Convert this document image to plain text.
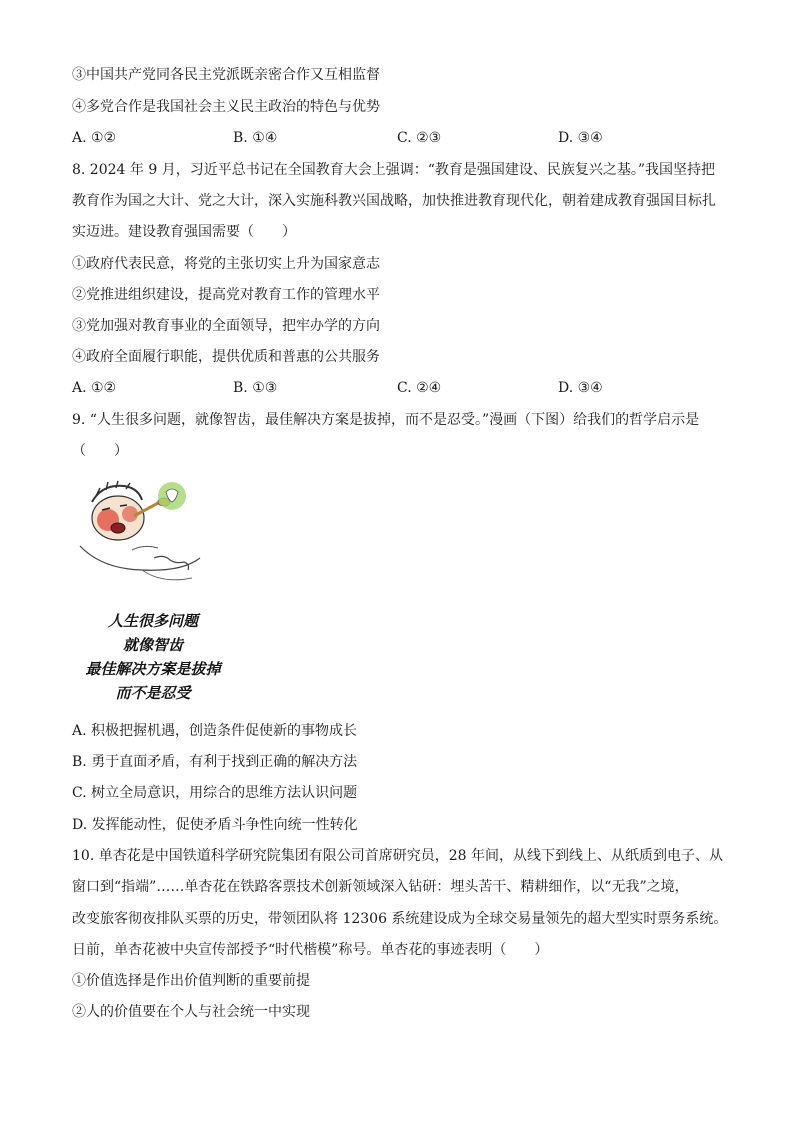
③中国共产党同各民主党派既亲密合作又互相监督
④多党合作是我国社会主义民主政治的特色与优势
A. ①②	B. ①④	C. ②③	D. ③④
8. 2024 年 9 月，习近平总书记在全国教育大会上强调：“教育是强国建设、民族复兴之基。”我国坚持把
教育作为国之大计、党之大计，深入实施科教兴国战略，加快推进教育现代化，朝着建成教育强国目标扎
实迈进。建设教育强国需要（　　）
①政府代表民意，将党的主张切实上升为国家意志
②党推进组织建设，提高党对教育工作的管理水平
③党加强对教育事业的全面领导，把牢办学的方向
④政府全面履行职能，提供优质和普惠的公共服务
A. ①②	B. ①③	C. ②④	D. ③④
9. “人生很多问题，就像智齿，最佳解决方案是拔掉，而不是忍受。”漫画（下图）给我们的哲学启示是
（　　）
人生很多问题
就像智齿
最佳解决方案是拔掉
而不是忍受
A. 积极把握机遇，创造条件促使新的事物成长
B. 勇于直面矛盾，有利于找到正确的解决方法
C. 树立全局意识，用综合的思维方法认识问题
D. 发挥能动性，促使矛盾斗争性向统一性转化
10. 单杏花是中国铁道科学研究院集团有限公司首席研究员，28 年间，从线下到线上、从纸质到电子、从
窗口到“指端”……单杏花在铁路客票技术创新领域深入钻研：埋头苦干、精耕细作，以“无我”之境，
改变旅客彻夜排队买票的历史，带领团队将 12306 系统建设成为全球交易量领先的超大型实时票务系统。
日前，单杏花被中央宣传部授予“时代楷模”称号。单杏花的事迹表明（　　）
①价值选择是作出价值判断的重要前提
②人的价值要在个人与社会统一中实现
